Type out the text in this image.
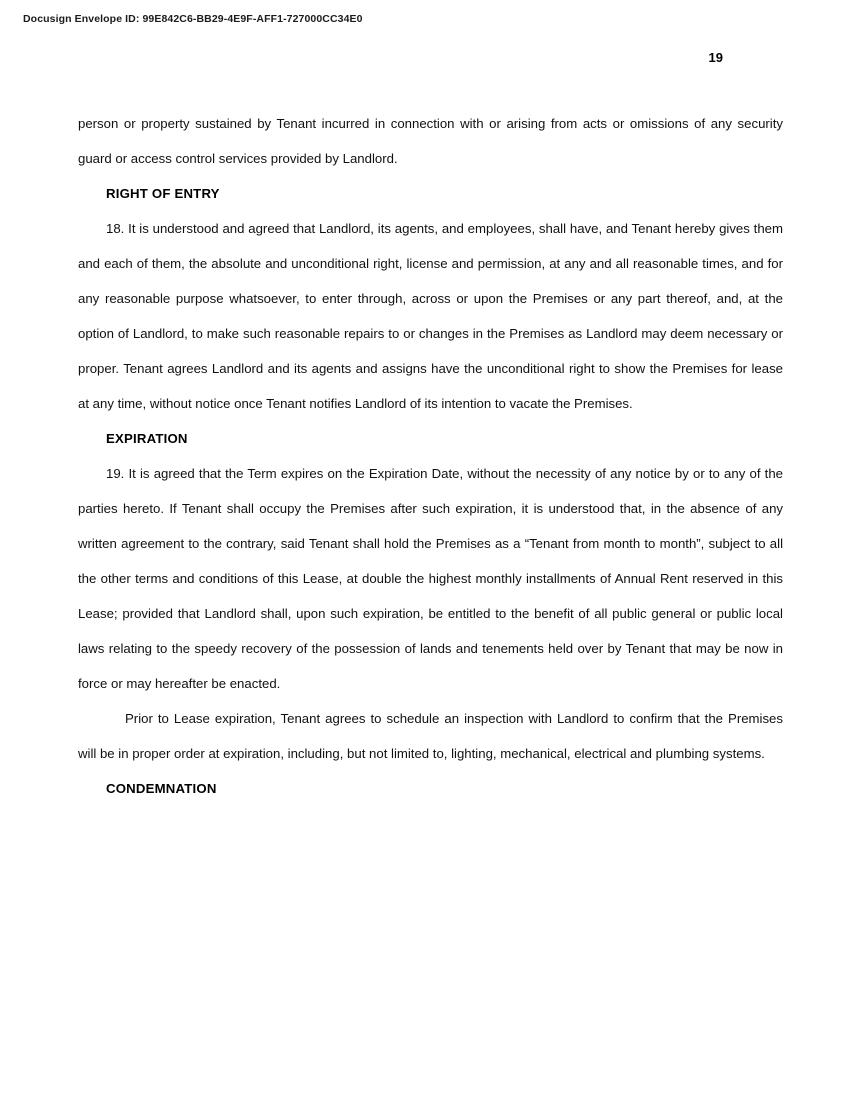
Docusign Envelope ID: 99E842C6-BB29-4E9F-AFF1-727000CC34E0
19

person or property sustained by Tenant incurred in connection with or arising from acts or omissions of any security guard or access control services provided by Landlord.

RIGHT OF ENTRY

18. It is understood and agreed that Landlord, its agents, and employees, shall have, and Tenant hereby gives them and each of them, the absolute and unconditional right, license and permission, at any and all reasonable times, and for any reasonable purpose whatsoever, to enter through, across or upon the Premises or any part thereof, and, at the option of Landlord, to make such reasonable repairs to or changes in the Premises as Landlord may deem necessary or proper. Tenant agrees Landlord and its agents and assigns have the unconditional right to show the Premises for lease at any time, without notice once Tenant notifies Landlord of its intention to vacate the Premises.

EXPIRATION

19. It is agreed that the Term expires on the Expiration Date, without the necessity of any notice by or to any of the parties hereto. If Tenant shall occupy the Premises after such expiration, it is understood that, in the absence of any written agreement to the contrary, said Tenant shall hold the Premises as a “Tenant from month to month”, subject to all the other terms and conditions of this Lease, at double the highest monthly installments of Annual Rent reserved in this Lease; provided that Landlord shall, upon such expiration, be entitled to the benefit of all public general or public local laws relating to the speedy recovery of the possession of lands and tenements held over by Tenant that may be now in force or may hereafter be enacted.

Prior to Lease expiration, Tenant agrees to schedule an inspection with Landlord to confirm that the Premises will be in proper order at expiration, including, but not limited to, lighting, mechanical, electrical and plumbing systems.

CONDEMNATION
